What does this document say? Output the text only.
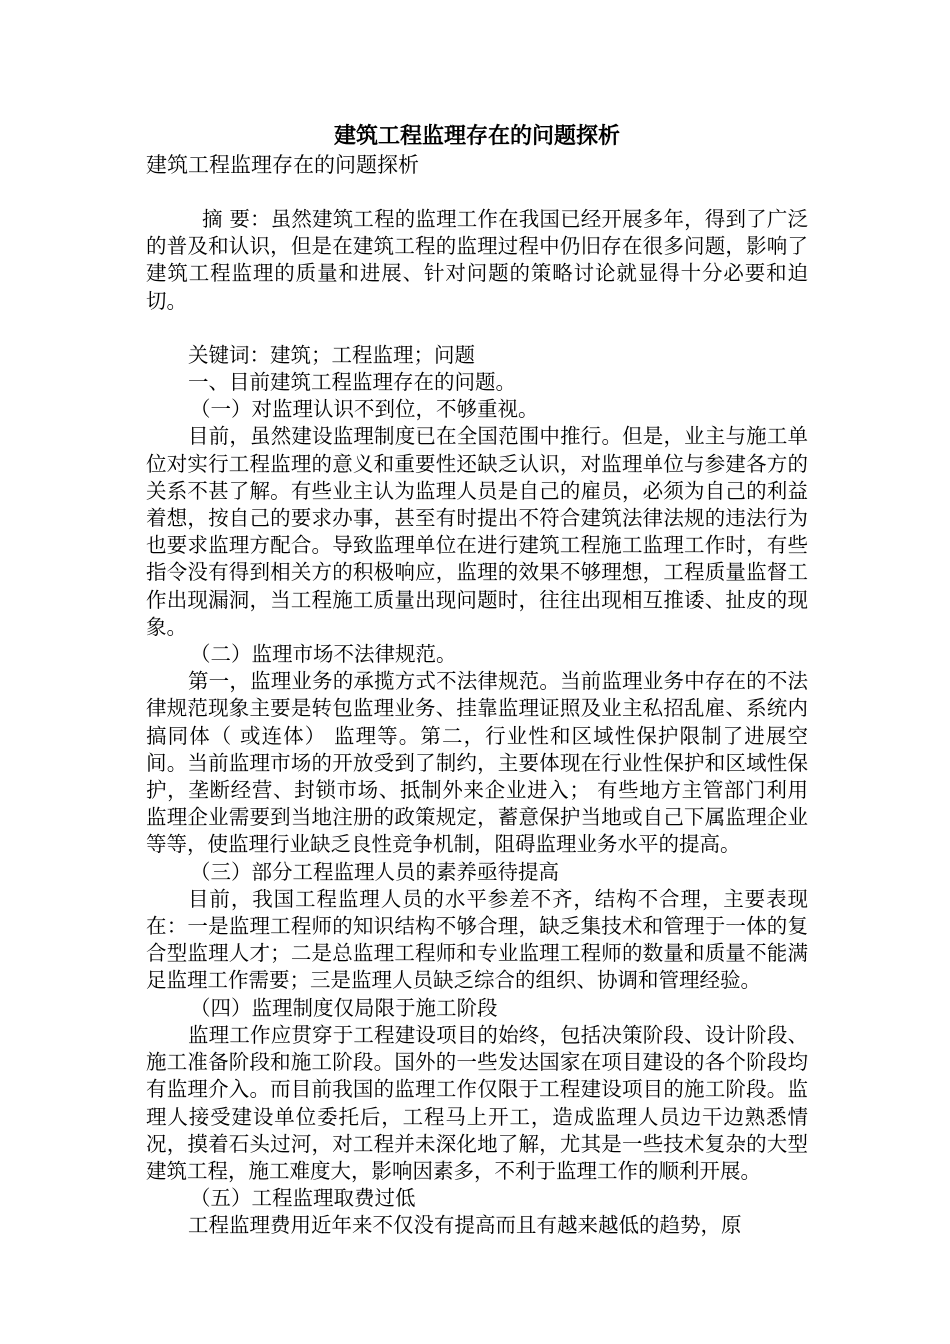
建筑工程监理存在的问题探析

建筑工程监理存在的问题探析

摘 要：虽然建筑工程的监理工作在我国已经开展多年，得到了广泛的普及和认识，但是在建筑工程的监理过程中仍旧存在很多问题，影响了建筑工程监理的质量和进展、针对问题的策略讨论就显得十分必要和迫切。

关键词：建筑；工程监理；问题

一、目前建筑工程监理存在的问题。

（一）对监理认识不到位，不够重视。

目前，虽然建设监理制度已在全国范围中推行。但是，业主与施工单位对实行工程监理的意义和重要性还缺乏认识，对监理单位与参建各方的关系不甚了解。有些业主认为监理人员是自己的雇员，必须为自己的利益着想，按自己的要求办事，甚至有时提出不符合建筑法律法规的违法行为也要求监理方配合。导致监理单位在进行建筑工程施工监理工作时，有些指令没有得到相关方的积极响应，监理的效果不够理想，工程质量监督工作出现漏洞，当工程施工质量出现问题时，往往出现相互推诿、扯皮的现象。

（二）监理市场不法律规范。

第一，监理业务的承揽方式不法律规范。当前监理业务中存在的不法律规范现象主要是转包监理业务、挂靠监理证照及业主私招乱雇、系统内搞同体（ 或连体） 监理等。第二，行业性和区域性保护限制了进展空间。当前监理市场的开放受到了制约，主要体现在行业性保护和区域性保护，垄断经营、封锁市场、抵制外来企业进入； 有些地方主管部门利用监理企业需要到当地注册的政策规定，蓄意保护当地或自己下属监理企业等等，使监理行业缺乏良性竞争机制，阻碍监理业务水平的提高。

（三）部分工程监理人员的素养亟待提高

目前，我国工程监理人员的水平参差不齐，结构不合理，主要表现在：一是监理工程师的知识结构不够合理，缺乏集技术和管理于一体的复合型监理人才；二是总监理工程师和专业监理工程师的数量和质量不能满足监理工作需要；三是监理人员缺乏综合的组织、协调和管理经验。

（四）监理制度仅局限于施工阶段

监理工作应贯穿于工程建设项目的始终，包括决策阶段、设计阶段、施工准备阶段和施工阶段。国外的一些发达国家在项目建设的各个阶段均有监理介入。而目前我国的监理工作仅限于工程建设项目的施工阶段。监理人接受建设单位委托后，工程马上开工，造成监理人员边干边熟悉情况，摸着石头过河，对工程并未深化地了解，尤其是一些技术复杂的大型建筑工程，施工难度大，影响因素多，不利于监理工作的顺利开展。

（五）工程监理取费过低

工程监理费用近年来不仅没有提高而且有越来越低的趋势，原
